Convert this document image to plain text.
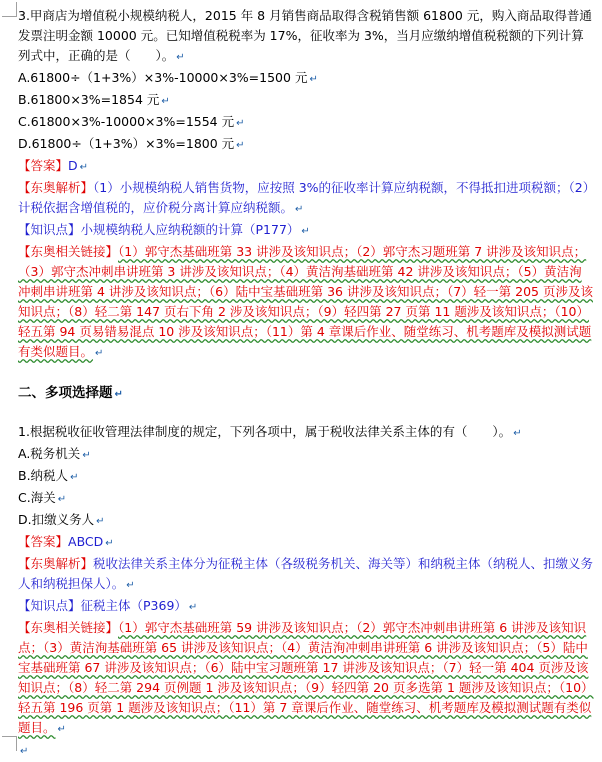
3.甲商店为增值税小规模纳税人，2015 年 8 月销售商品取得含税销售额 61800 元，购入商品取得普通发票注明金额 10000 元。已知增值税税率为 17%，征收率为 3%，当月应缴纳增值税税额的下列计算列式中，正确的是（　　）。 ↵

A.61800÷（1+3%）×3%-10000×3%=1500 元 ↵

B.61800×3%=1854 元 ↵

C.61800×3%-10000×3%=1554 元 ↵

D.61800÷（1+3%）×3%=1800 元 ↵

【答案】D ↵

【东奥解析】（1）小规模纳税人销售货物，应按照 3%的征收率计算应纳税额，不得抵扣进项税额；（2）计税依据含增值税的，应价税分离计算应纳税额。 ↵

【知识点】小规模纳税人应纳税额的计算（P177） ↵

【东奥相关链接】（1）郭守杰基础班第 33 讲涉及该知识点；（2）郭守杰习题班第 7 讲涉及该知识点；（3）郭守杰冲刺串讲班第 3 讲涉及该知识点；（4）黄洁洵基础班第 42 讲涉及该知识点；（5）黄洁洵冲刺串讲班第 4 讲涉及该知识点；（6）陆中宝基础班第 36 讲涉及该知识点；（7）轻一第 205 页涉及该知识点；（8）轻二第 147 页右下角 2 涉及该知识点；（9）轻四第 27 页第 11 题涉及该知识点；（10）轻五第 94 页易错易混点 10 涉及该知识点；（11）第 4 章课后作业、随堂练习、机考题库及模拟测试题有类似题目。 ↵

二、多项选择题 ↵

1.根据税收征收管理法律制度的规定，下列各项中，属于税收法律关系主体的有（　　）。 ↵

A.税务机关 ↵

B.纳税人 ↵

C.海关 ↵

D.扣缴义务人 ↵

【答案】ABCD ↵

【东奥解析】税收法律关系主体分为征税主体（各级税务机关、海关等）和纳税主体（纳税人、扣缴义务人和纳税担保人）。 ↵

【知识点】征税主体（P369） ↵

【东奥相关链接】（1）郭守杰基础班第 59 讲涉及该知识点；（2）郭守杰冲刺串讲班第 6 讲涉及该知识点；（3）黄洁洵基础班第 65 讲涉及该知识点；（4）黄洁洵冲刺串讲班第 6 讲涉及该知识点；（5）陆中宝基础班第 67 讲涉及该知识点；（6）陆中宝习题班第 17 讲涉及该知识点；（7）轻一第 404 页涉及该知识点；（8）轻二第 294 页例题 1 涉及该知识点；（9）轻四第 20 页多选第 1 题涉及该知识点；（10）轻五第 196 页第 1 题涉及该知识点；（11）第 7 章课后作业、随堂练习、机考题库及模拟测试题有类似题目。 ↵

↵
